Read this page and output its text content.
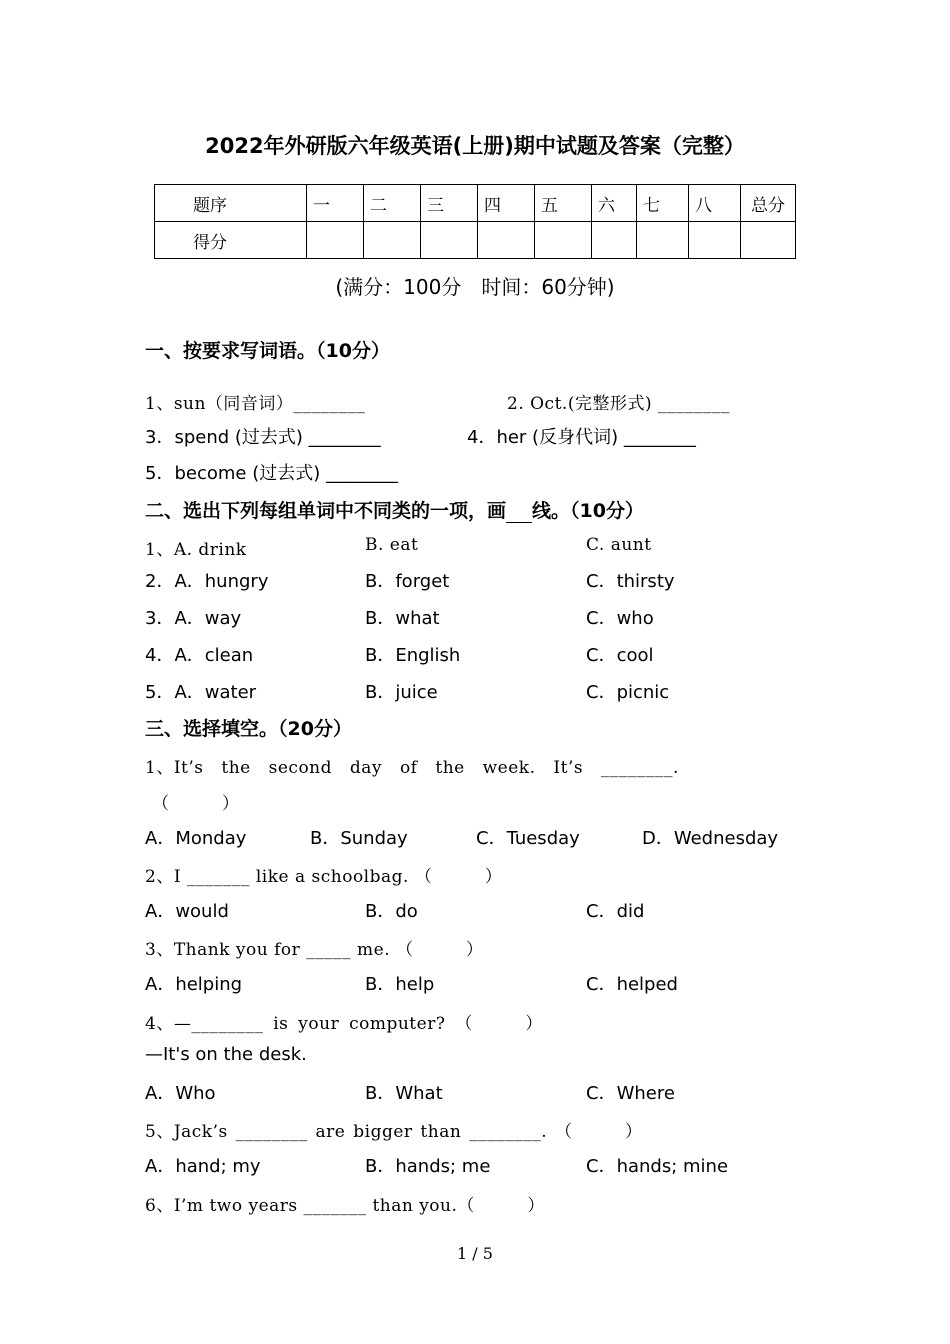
2022年外研版六年级英语(上册)期中试题及答案（完整）
题序	一	二	三	四	五	六	七	八	总分
得分									
(满分：100分　时间：60分钟)
一、按要求写词语。（10分）
1、sun（同音词）________	2. Oct.(完整形式) ________
3．spend (过去式) ________	4．her (反身代词) ________
5．become (过去式) ________
二、选出下列每组单词中不同类的一项，画 线。（10分）
1、A. drink	B. eat	C. aunt
2．A．hungry	B．forget	C．thirsty
3．A．way	B．what	C．who
4．A．clean	B．English	C．cool
5．A．water	B．juice	C．picnic
三、选择填空。（20分）
1、It’s the second day of the week. It’s ________.
（　　　）
A．Monday	B．Sunday	C．Tuesday	D．Wednesday
2、I _______ like a schoolbag. （　　　）
A．would	B．do	C．did
3、Thank you for _____ me. （　　　）
A．helping	B．help	C．helped
4、—________ is your computer? （　　　）
—It's on the desk.
A．Who	B．What	C．Where
5、Jack’s ________ are bigger than ________. （　　　）
A．hand; my	B．hands; me	C．hands; mine
6、I’m two years _______ than you.（　　　）
1 / 5
